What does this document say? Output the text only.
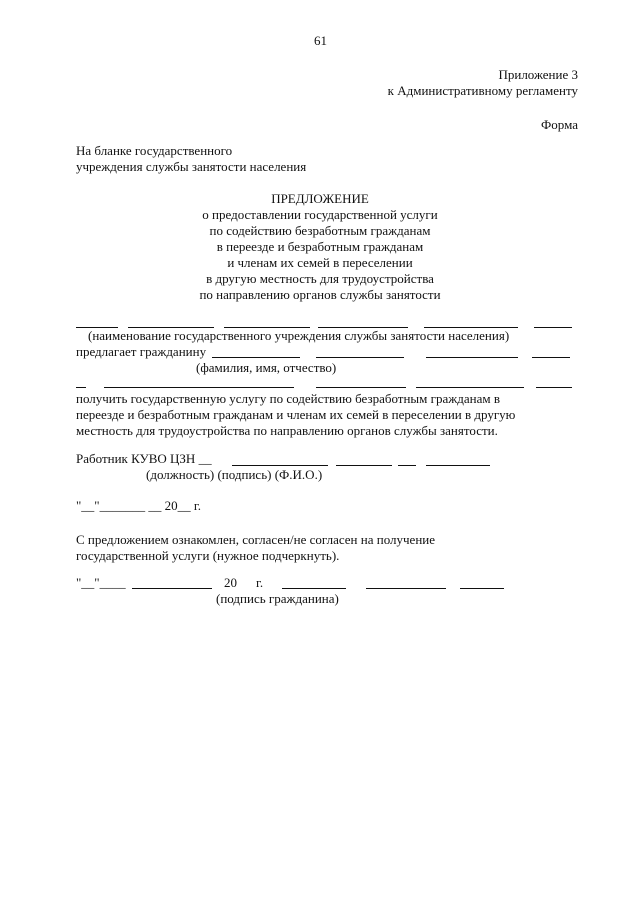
61
Приложение 3
к Административному регламенту
Форма
На бланке государственного
учреждения службы занятости населения
ПРЕДЛОЖЕНИЕ
о предоставлении государственной услуги
по содействию безработным гражданам
в переезде и безработным гражданам
и членам их семей в переселении
в другую местность для трудоустройства
по направлению органов службы занятости
(наименование государственного учреждения службы занятости населения)
предлагает гражданину
(фамилия, имя, отчество)
получить государственную услугу по содействию безработным гражданам в
переезде и безработным гражданам и членам их семей в переселении в другую
местность для трудоустройства по направлению органов службы занятости.
Работник КУВО ЦЗН __
(должность) (подпись) (Ф.И.О.)
"__"_______ __ 20__ г.
С предложением ознакомлен, согласен/не согласен на получение
государственной услуги (нужное подчеркнуть).
"__"____	20 г.
(подпись гражданина)
